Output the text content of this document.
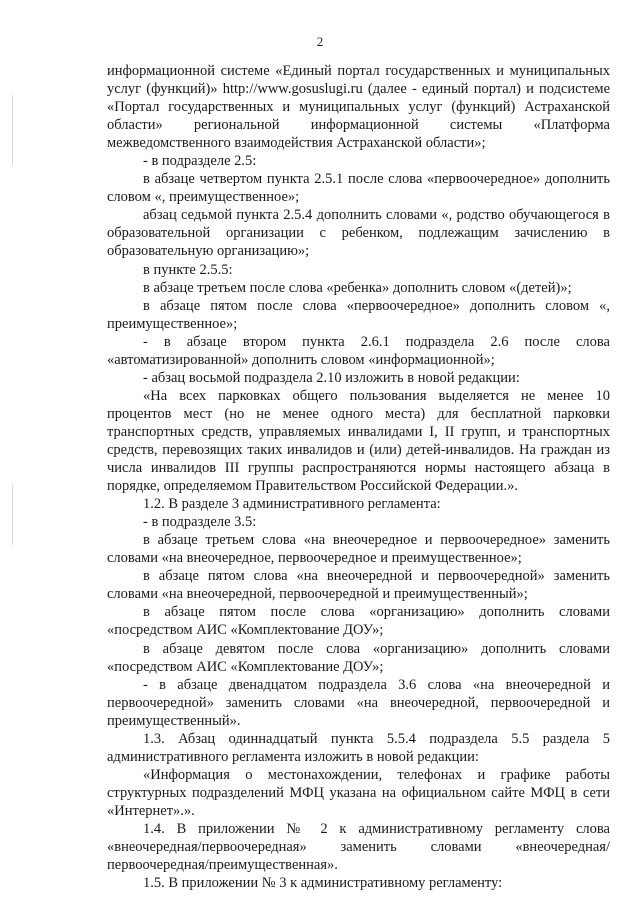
2

информационной системе «Единый портал государственных и муниципальных услуг (функций)» http://www.gosuslugi.ru (далее - единый портал) и подсистеме «Портал государственных и муниципальных услуг (функций) Астраханской области» региональной информационной системы «Платформа межведомственного взаимодействия Астраханской области»;

- в подразделе 2.5:

в абзаце четвертом пункта 2.5.1 после слова «первоочередное» дополнить словом «, преимущественное»;

абзац седьмой пункта 2.5.4 дополнить словами «, родство обучающегося в образовательной организации с ребенком, подлежащим зачислению в образовательную организацию»;

в пункте 2.5.5:

в абзаце третьем после слова «ребенка» дополнить словом «(детей)»;

в абзаце пятом после слова «первоочередное» дополнить словом «, преимущественное»;

- в абзаце втором пункта 2.6.1 подраздела 2.6 после слова «автоматизированной» дополнить словом «информационной»;

- абзац восьмой подраздела 2.10 изложить в новой редакции:

«На всех парковках общего пользования выделяется не менее 10 процентов мест (но не менее одного места) для бесплатной парковки транспортных средств, управляемых инвалидами I, II групп, и транспортных средств, перевозящих таких инвалидов и (или) детей-инвалидов. На граждан из числа инвалидов III группы распространяются нормы настоящего абзаца в порядке, определяемом Правительством Российской Федерации.».

1.2. В разделе 3 административного регламента:

- в подразделе 3.5:

в абзаце третьем слова «на внеочередное и первоочередное» заменить словами «на внеочередное, первоочередное и преимущественное»;

в абзаце пятом слова «на внеочередной и первоочередной» заменить словами «на внеочередной, первоочередной и преимущественный»;

в абзаце пятом после слова «организацию» дополнить словами «посредством АИС «Комплектование ДОУ»;

в абзаце девятом после слова «организацию» дополнить словами «посредством АИС «Комплектование ДОУ»;

- в абзаце двенадцатом подраздела 3.6 слова «на внеочередной и первоочередной» заменить словами «на внеочередной, первоочередной и преимущественный».

1.3. Абзац одиннадцатый пункта 5.5.4 подраздела 5.5 раздела 5 административного регламента изложить в новой редакции:

«Информация о местонахождении, телефонах и графике работы структурных подразделений МФЦ указана на официальном сайте МФЦ в сети «Интернет».».

1.4. В приложении № 2 к административному регламенту слова «внеочередная/первоочередная» заменить словами «внеочередная/первоочередная/преимущественная».

1.5. В приложении № 3 к административному регламенту:
